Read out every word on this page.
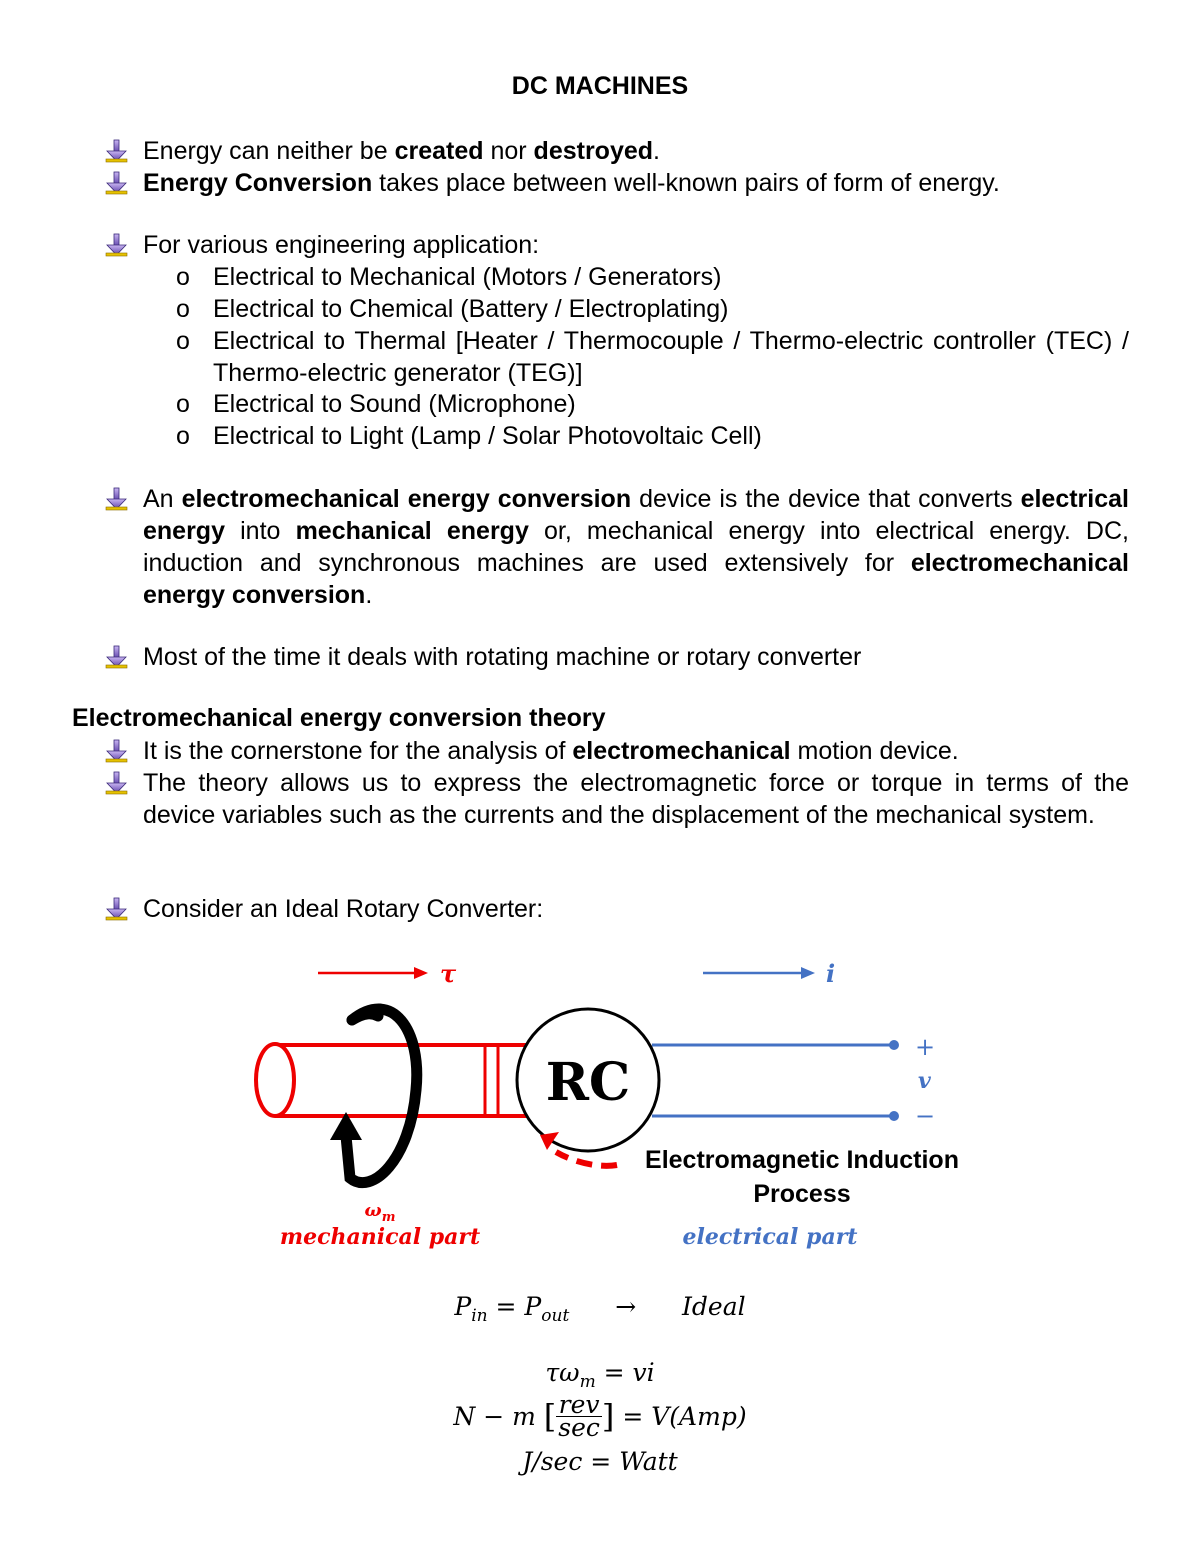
DC MACHINES
Energy can neither be created nor destroyed.
Energy Conversion takes place between well-known pairs of form of energy.
For various engineering application:
o Electrical to Mechanical (Motors / Generators)
o Electrical to Chemical (Battery / Electroplating)
o Electrical to Thermal [Heater / Thermocouple / Thermo-electric controller (TEC) / Thermo-electric generator (TEG)]
o Electrical to Sound (Microphone)
o Electrical to Light (Lamp / Solar Photovoltaic Cell)
An electromechanical energy conversion device is the device that converts electrical energy into mechanical energy or, mechanical energy into electrical energy. DC, induction and synchronous machines are used extensively for electromechanical energy conversion.
Most of the time it deals with rotating machine or rotary converter
Electromechanical energy conversion theory
It is the cornerstone for the analysis of electromechanical motion device.
The theory allows us to express the electromagnetic force or torque in terms of the device variables such as the currents and the displacement of the mechanical system.
Consider an Ideal Rotary Converter:
τ	i
+
v
−
RC
Electromagnetic Induction
Process
$\omega_m$
mechanical part	electrical part
$P_{in} = P_{out}$ → Ideal
$\tau\omega_m$ = vi
N − m [ rev
sec ] = V(Amp)
J/sec = Watt
